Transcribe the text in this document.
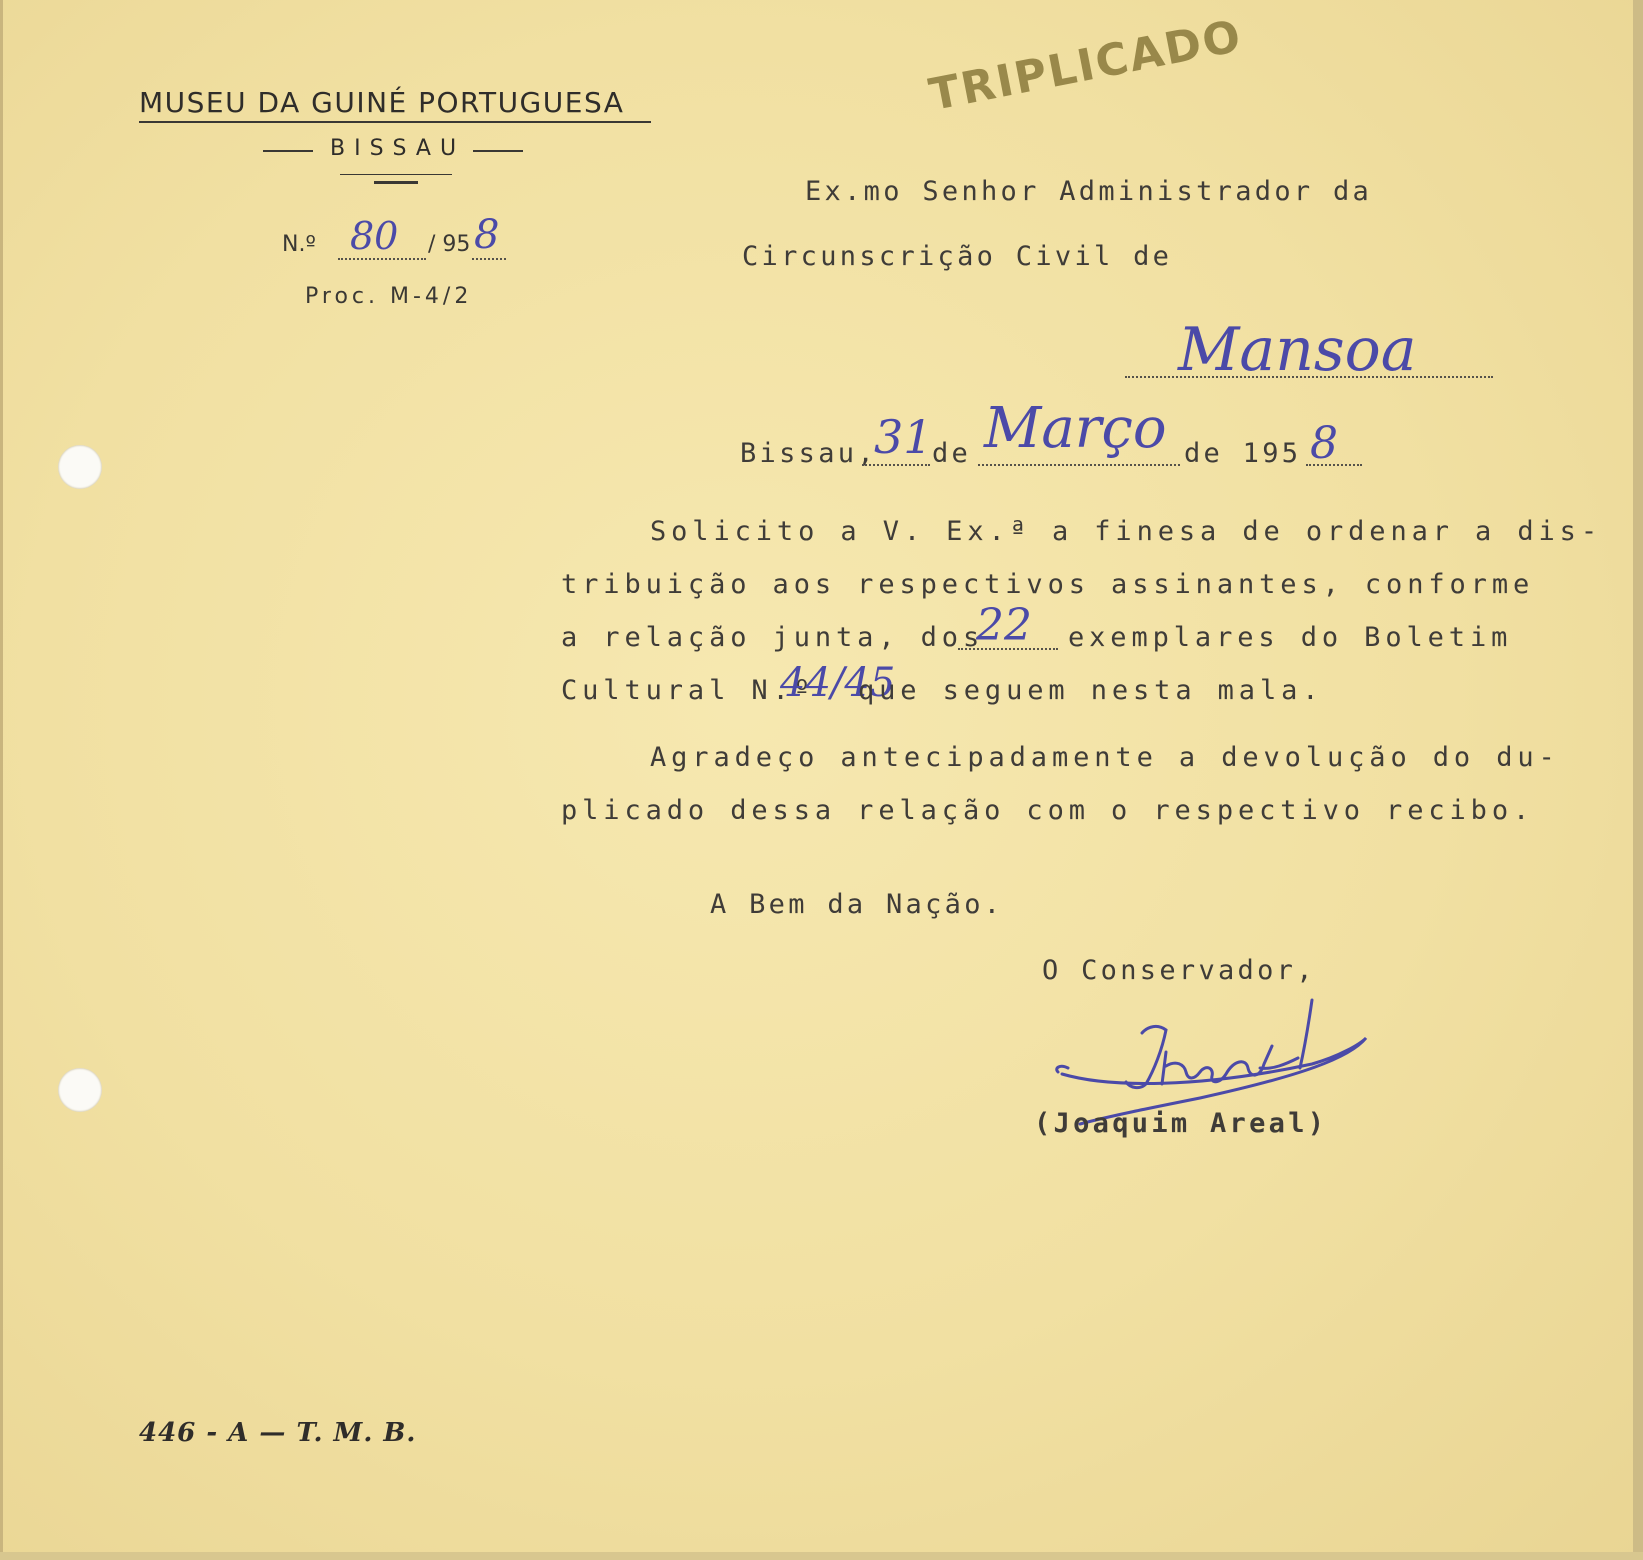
MUSEU DA GUINÉ PORTUGUESA
BISSAU
N.º 80 / 95 8
Proc. M-4/2
TRIPLICADO
Ex.mo Senhor Administrador da
Circunscrição Civil de
Mansoa
Bissau,
31 de Março de 195 8
Solicito a V. Ex.ª a finesa de ordenar a dis-
tribuição aos respectivos assinantes, conforme
a relação junta, dos
22 exemplares do Boletim
Cultural N.º
44/45
que seguem nesta mala.
Agradeço antecipadamente a devolução do du-
plicado dessa relação com o respectivo recibo.
A Bem da Nação.
O Conservador,
(Joaquim Areal)
446 - A — T. M. B.
